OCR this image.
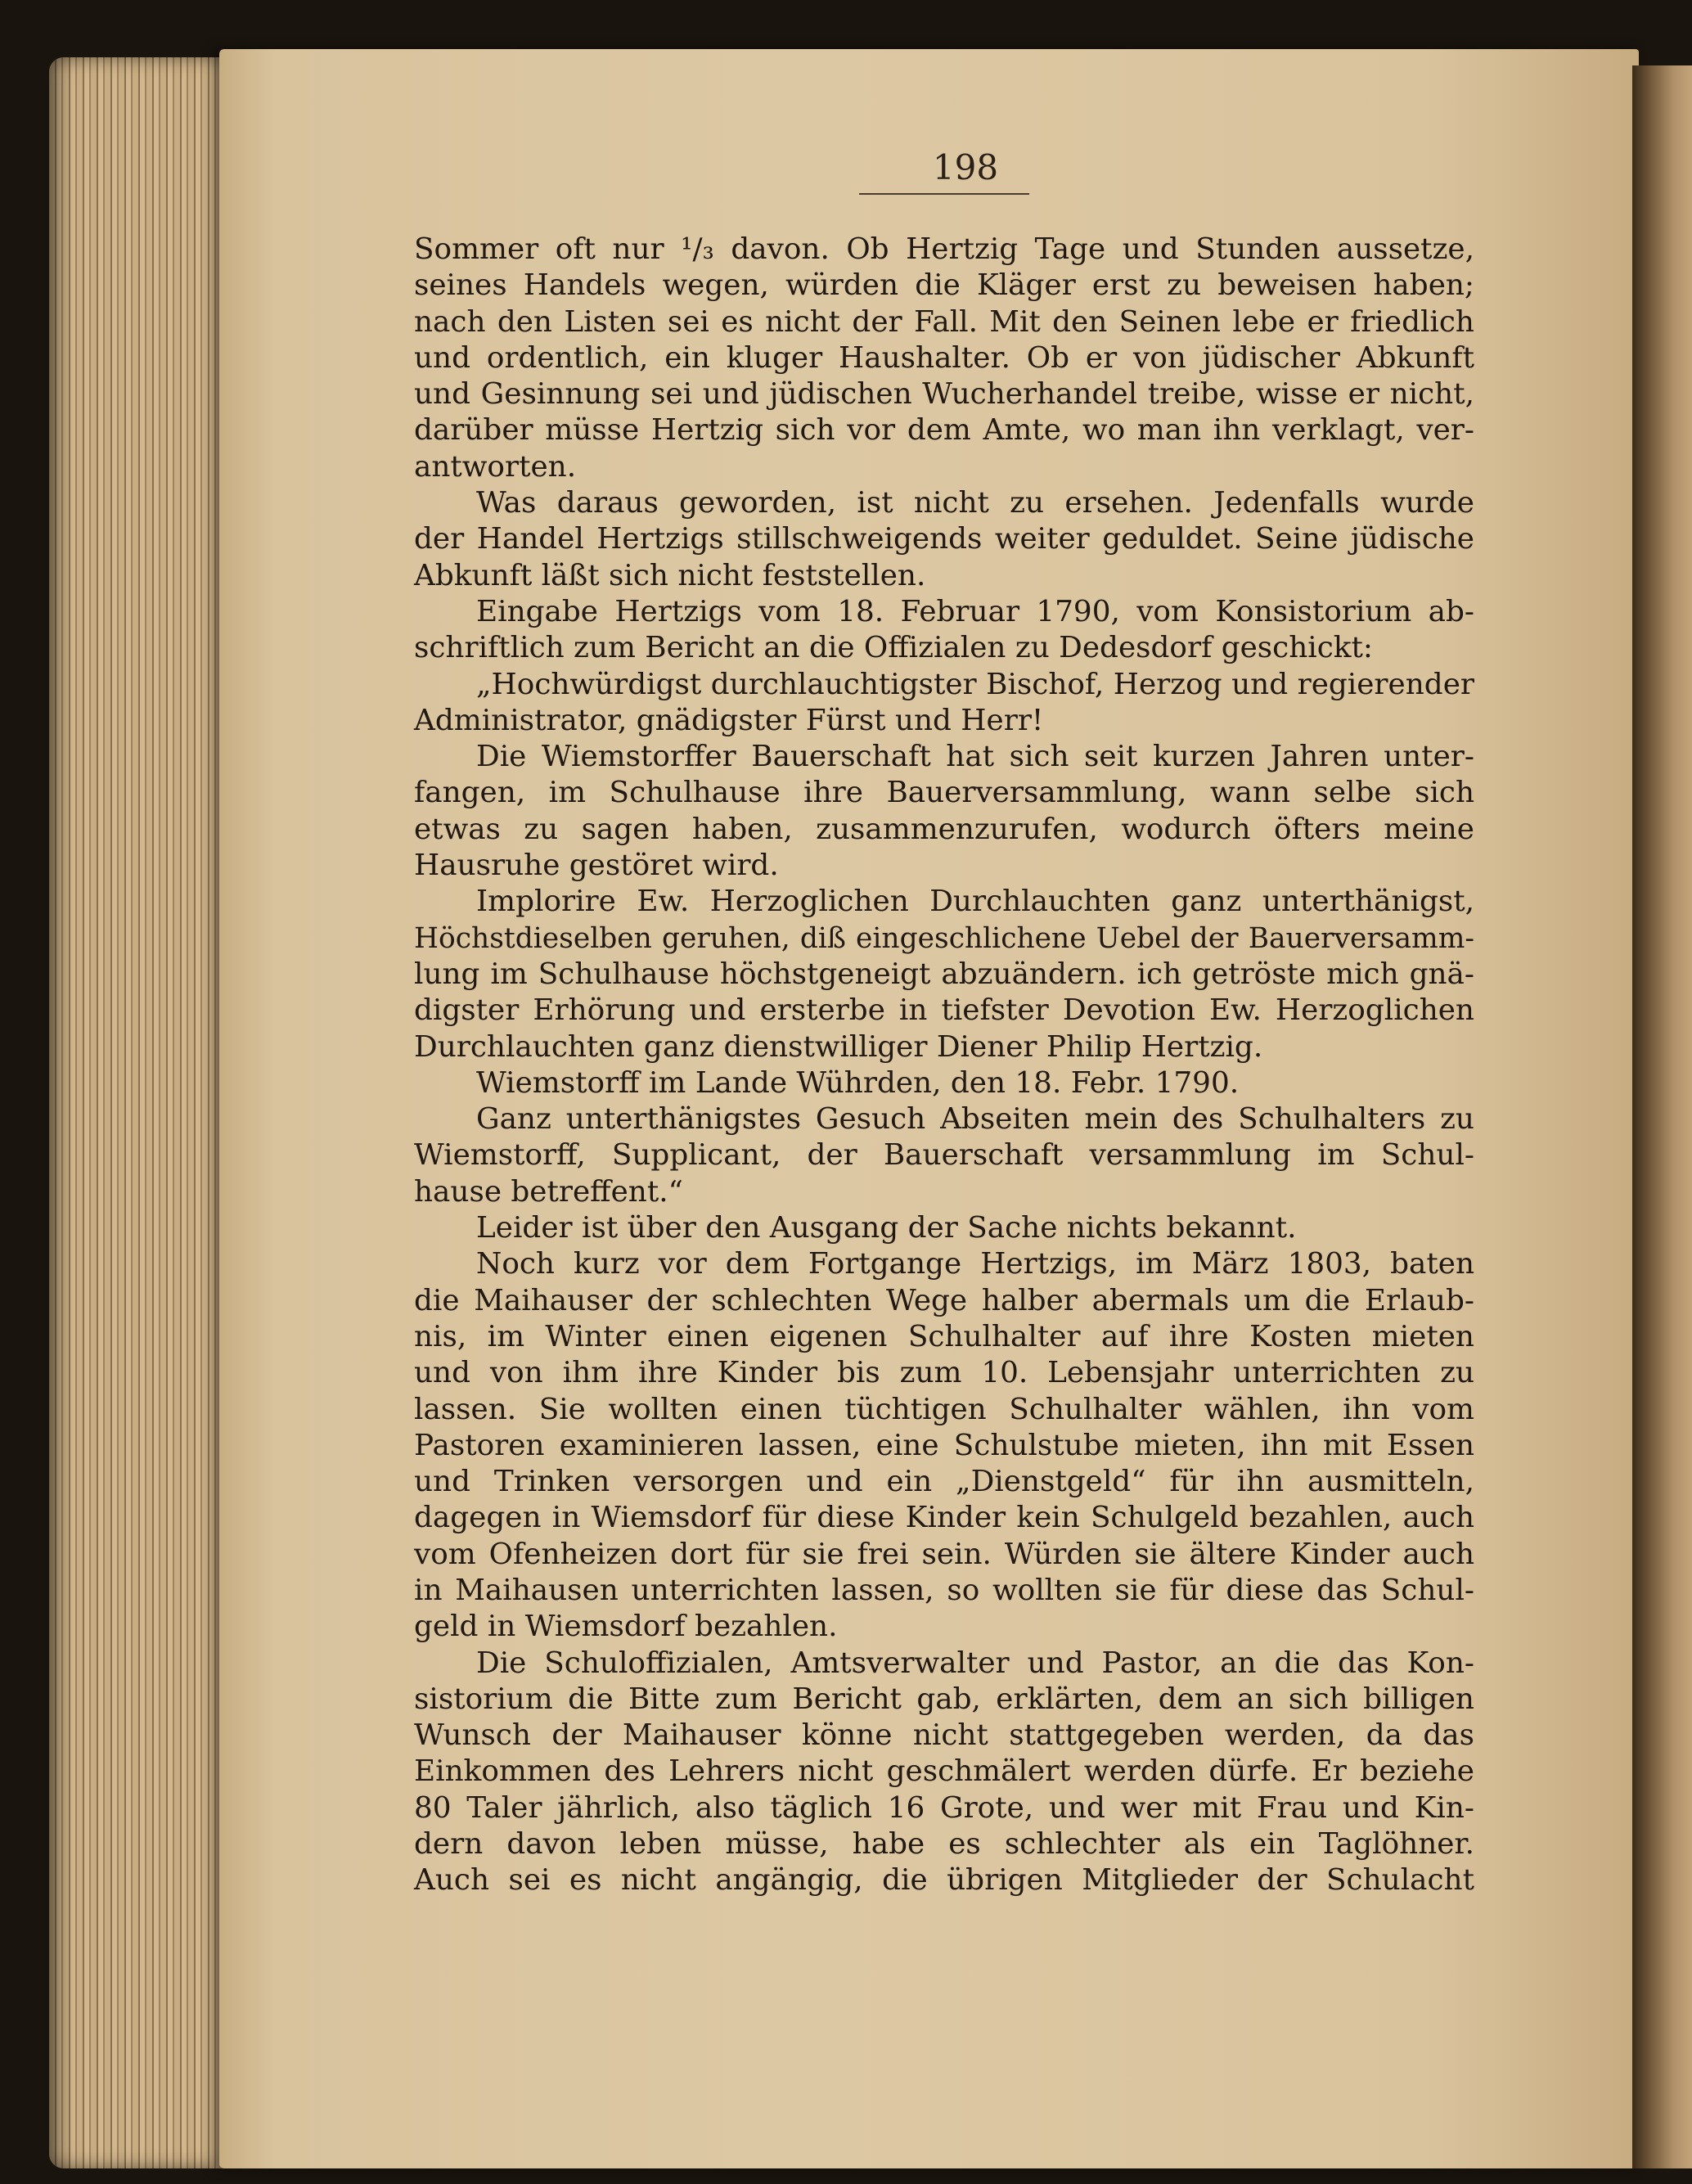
198
Sommer oft nur ¹/₃ davon. Ob Hertzig Tage und Stunden aussetze,
seines Handels wegen, würden die Kläger erst zu beweisen haben;
nach den Listen sei es nicht der Fall. Mit den Seinen lebe er friedlich
und ordentlich, ein kluger Haushalter. Ob er von jüdischer Abkunft
und Gesinnung sei und jüdischen Wucherhandel treibe, wisse er nicht,
darüber müsse Hertzig sich vor dem Amte, wo man ihn verklagt, ver-
antworten.
Was daraus geworden, ist nicht zu ersehen. Jedenfalls wurde
der Handel Hertzigs stillschweigends weiter geduldet. Seine jüdische
Abkunft läßt sich nicht feststellen.
Eingabe Hertzigs vom 18. Februar 1790, vom Konsistorium ab-
schriftlich zum Bericht an die Offizialen zu Dedesdorf geschickt:
„Hochwürdigst durchlauchtigster Bischof, Herzog und regierender
Administrator, gnädigster Fürst und Herr!
Die Wiemstorffer Bauerschaft hat sich seit kurzen Jahren unter-
fangen, im Schulhause ihre Bauerversammlung, wann selbe sich
etwas zu sagen haben, zusammenzurufen, wodurch öfters meine
Hausruhe gestöret wird.
Implorire Ew. Herzoglichen Durchlauchten ganz unterthänigst,
Höchstdieselben geruhen, diß eingeschlichene Uebel der Bauerversamm-
lung im Schulhause höchstgeneigt abzuändern. ich getröste mich gnä-
digster Erhörung und ersterbe in tiefster Devotion Ew. Herzoglichen
Durchlauchten ganz dienstwilliger Diener Philip Hertzig.
Wiemstorff im Lande Wührden, den 18. Febr. 1790.
Ganz unterthänigstes Gesuch Abseiten mein des Schulhalters zu
Wiemstorff, Supplicant, der Bauerschaft versammlung im Schul-
hause betreffent.“
Leider ist über den Ausgang der Sache nichts bekannt.
Noch kurz vor dem Fortgange Hertzigs, im März 1803, baten
die Maihauser der schlechten Wege halber abermals um die Erlaub-
nis, im Winter einen eigenen Schulhalter auf ihre Kosten mieten
und von ihm ihre Kinder bis zum 10. Lebensjahr unterrichten zu
lassen. Sie wollten einen tüchtigen Schulhalter wählen, ihn vom
Pastoren examinieren lassen, eine Schulstube mieten, ihn mit Essen
und Trinken versorgen und ein „Dienstgeld“ für ihn ausmitteln,
dagegen in Wiemsdorf für diese Kinder kein Schulgeld bezahlen, auch
vom Ofenheizen dort für sie frei sein. Würden sie ältere Kinder auch
in Maihausen unterrichten lassen, so wollten sie für diese das Schul-
geld in Wiemsdorf bezahlen.
Die Schuloffizialen, Amtsverwalter und Pastor, an die das Kon-
sistorium die Bitte zum Bericht gab, erklärten, dem an sich billigen
Wunsch der Maihauser könne nicht stattgegeben werden, da das
Einkommen des Lehrers nicht geschmälert werden dürfe. Er beziehe
80 Taler jährlich, also täglich 16 Grote, und wer mit Frau und Kin-
dern davon leben müsse, habe es schlechter als ein Taglöhner.
Auch sei es nicht angängig, die übrigen Mitglieder der Schulacht
